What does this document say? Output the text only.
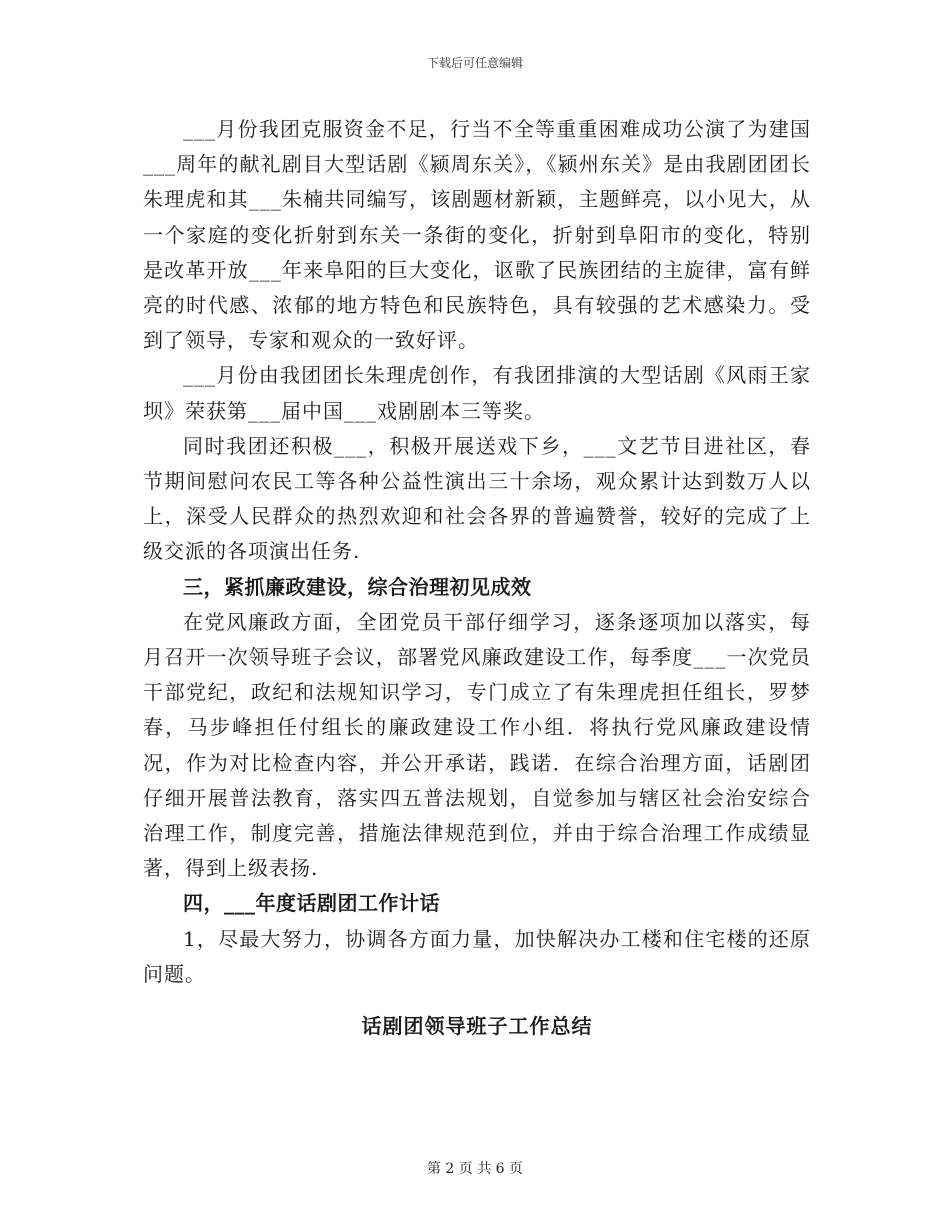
下载后可任意编辑

___月份我团克服资金不足，行当不全等重重困难成功公演了为建国___周年的献礼剧目大型话剧《颍周东关》，《颍州东关》是由我剧团团长朱理虎和其___朱楠共同编写，该剧题材新颖，主题鲜亮，以小见大，从一个家庭的变化折射到东关一条街的变化，折射到阜阳市的变化，特别是改革开放___年来阜阳的巨大变化，讴歌了民族团结的主旋律，富有鲜亮的时代感、浓郁的地方特色和民族特色，具有较强的艺术感染力。受到了领导，专家和观众的一致好评。

___月份由我团团长朱理虎创作，有我团排演的大型话剧《风雨王家坝》荣获第___届中国___戏剧剧本三等奖。

同时我团还积极___，积极开展送戏下乡，___文艺节目进社区，春节期间慰问农民工等各种公益性演出三十余场，观众累计达到数万人以上，深受人民群众的热烈欢迎和社会各界的普遍赞誉，较好的完成了上级交派的各项演出任务.

三，紧抓廉政建设，综合治理初见成效

在党风廉政方面，全团党员干部仔细学习，逐条逐项加以落实，每月召开一次领导班子会议，部署党风廉政建设工作，每季度___一次党员干部党纪，政纪和法规知识学习，专门成立了有朱理虎担任组长，罗梦春，马步峰担任付组长的廉政建设工作小组．将执行党风廉政建设情况，作为对比检查内容，并公开承诺，践诺．在综合治理方面，话剧团仔细开展普法教育，落实四五普法规划，自觉参加与辖区社会治安综合治理工作，制度完善，措施法律规范到位，并由于综合治理工作成绩显著，得到上级表扬.

四，___年度话剧团工作计话

1，尽最大努力，协调各方面力量，加快解决办工楼和住宅楼的还原问题。

话剧团领导班子工作总结

第 2 页 共 6 页
